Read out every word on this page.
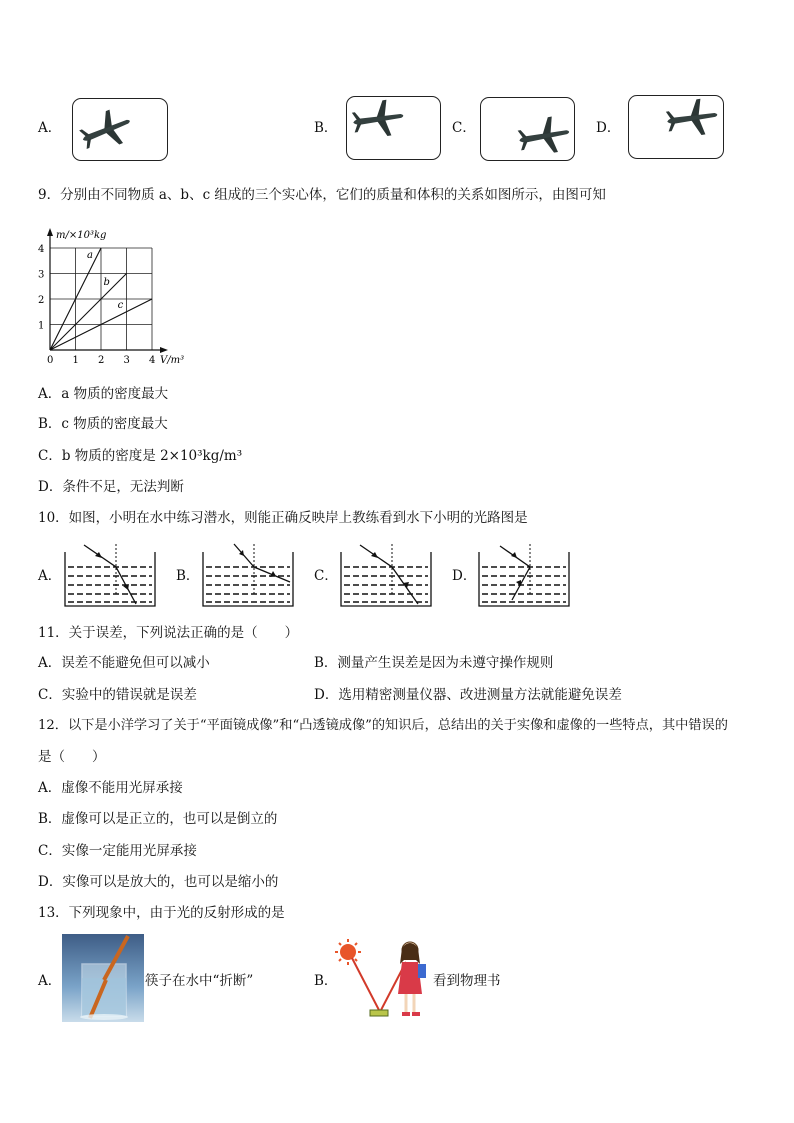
A．	B．	C．	D．
9．分别由不同物质 a、b、c 组成的三个实心体，它们的质量和体积的关系如图所示，由图可知
a
b
c
0 1 2 3 4
1
2
3
4
m/×10³kg
V/m³
A．a 物质的密度最大
B．c 物质的密度最大
C．b 物质的密度是 2×10³kg/m³
D．条件不足，无法判断
10．如图，小明在水中练习潜水，则能正确反映岸上教练看到水下小明的光路图是
A．	B．	C．	D．
11．关于误差，下列说法正确的是（　　）
A．误差不能避免但可以减小	B．测量产生误差是因为未遵守操作规则
C．实验中的错误就是误差	D．选用精密测量仪器、改进测量方法就能避免误差
12．以下是小洋学习了关于“平面镜成像”和“凸透镜成像”的知识后，总结出的关于实像和虚像的一些特点，其中错误的
是（　　）
A．虚像不能用光屏承接
B．虚像可以是正立的，也可以是倒立的
C．实像一定能用光屏承接
D．实像可以是放大的，也可以是缩小的
13．下列现象中，由于光的反射形成的是
A．	筷子在水中“折断”	B．	看到物理书
